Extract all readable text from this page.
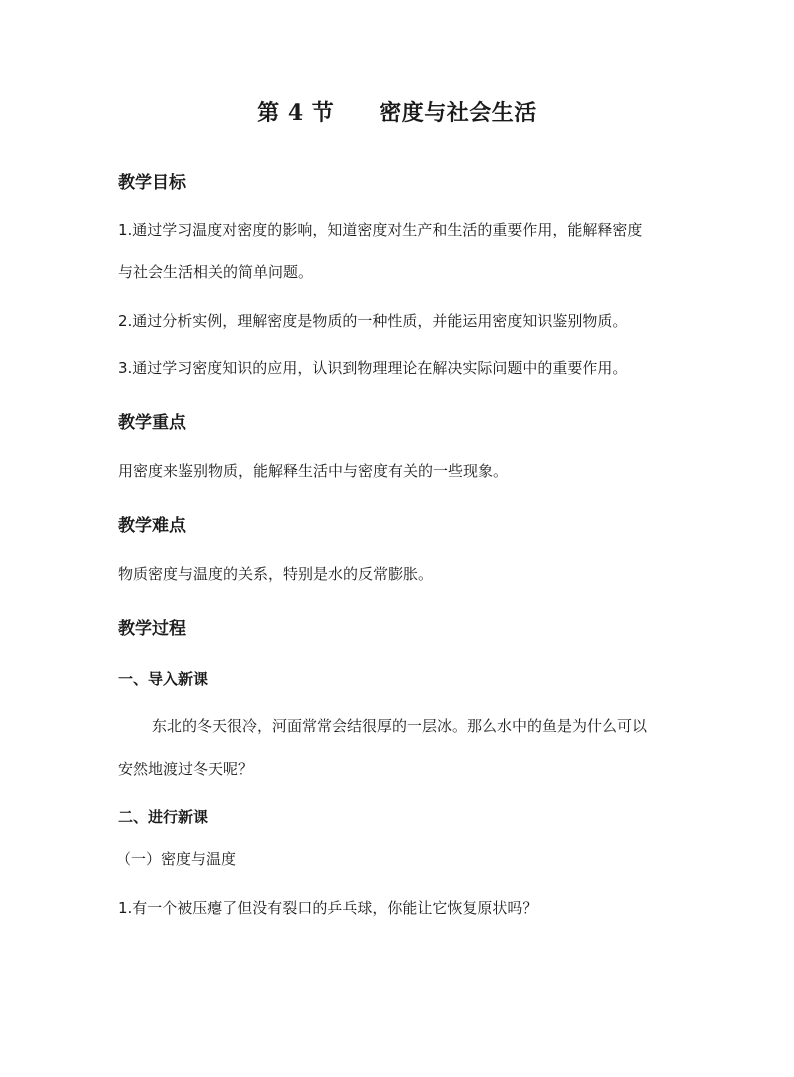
第 4 节　　密度与社会生活
教学目标
1.通过学习温度对密度的影响，知道密度对生产和生活的重要作用，能解释密度
与社会生活相关的简单问题。
2.通过分析实例，理解密度是物质的一种性质，并能运用密度知识鉴别物质。
3.通过学习密度知识的应用，认识到物理理论在解决实际问题中的重要作用。
教学重点
用密度来鉴别物质，能解释生活中与密度有关的一些现象。
教学难点
物质密度与温度的关系，特别是水的反常膨胀。
教学过程
一、导入新课
东北的冬天很冷，河面常常会结很厚的一层冰。那么水中的鱼是为什么可以
安然地渡过冬天呢？
二、进行新课
（一）密度与温度
1.有一个被压瘪了但没有裂口的乒乓球，你能让它恢复原状吗？
